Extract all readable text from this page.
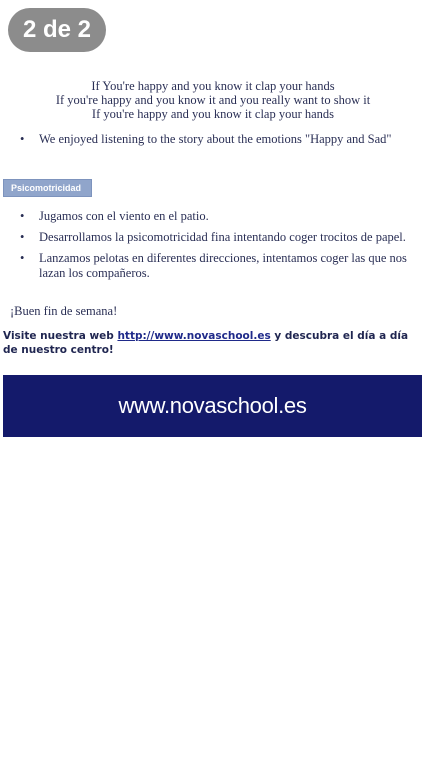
2 de 2
If You're happy and you know it clap your hands
If you're happy and you know it and you really want to show it
If you're happy and you know it clap your hands
• We enjoyed listening to the story about the emotions "Happy and Sad"
Psicomotricidad
• Jugamos con el viento en el patio.
• Desarrollamos la psicomotricidad fina intentando coger trocitos de papel.
• Lanzamos pelotas en diferentes direcciones, intentamos coger las que nos lazan los compañeros.
¡Buen fin de semana!
Visite nuestra web http://www.novaschool.es y descubra el día a día de nuestro centro!
www.novaschool.es
